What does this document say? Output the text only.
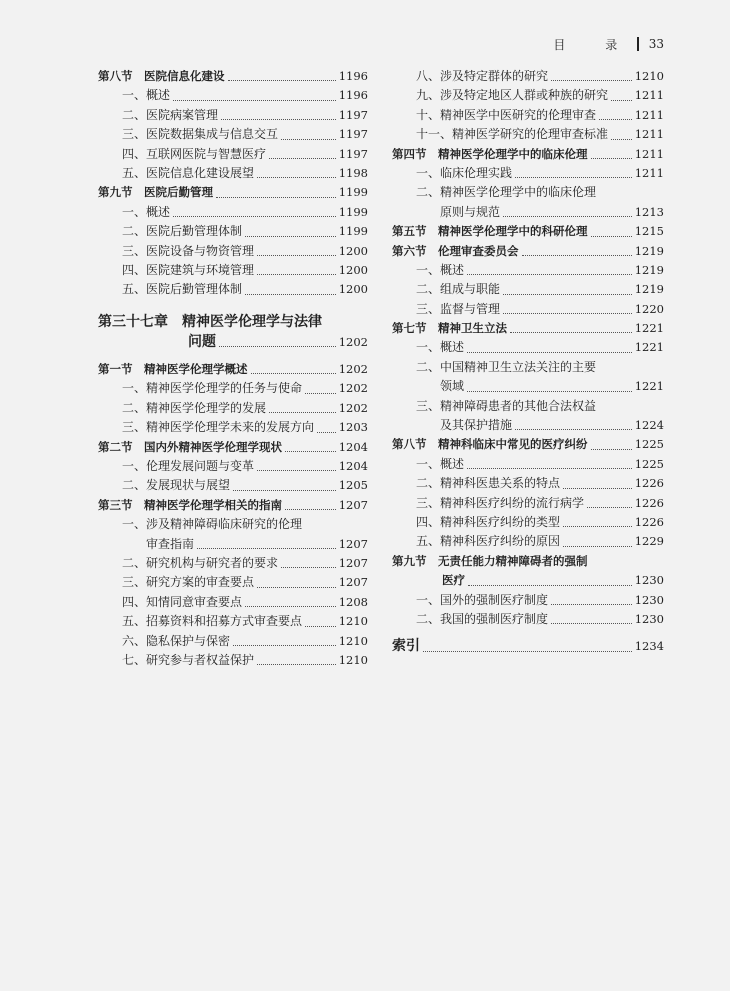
目 录 33
第八节　医院信息化建设	1196
一、概述	1196
二、医院病案管理	1197
三、医院数据集成与信息交互	1197
四、互联网医院与智慧医疗	1197
五、医院信息化建设展望	1198
第九节　医院后勤管理	1199
一、概述	1199
二、医院后勤管理体制	1199
三、医院设备与物资管理	1200
四、医院建筑与环境管理	1200
五、医院后勤管理体制	1200
第三十七章　精神医学伦理学与法律
问题	1202
第一节　精神医学伦理学概述	1202
一、精神医学伦理学的任务与使命	1202
二、精神医学伦理学的发展	1202
三、精神医学伦理学未来的发展方向 1203
第二节　国内外精神医学伦理学现状	1204
一、伦理发展问题与变革	1204
二、发展现状与展望	1205
第三节　精神医学伦理学相关的指南	1207
一、涉及精神障碍临床研究的伦理
审查指南	1207
二、研究机构与研究者的要求	1207
三、研究方案的审查要点	1207
四、知情同意审查要点	1208
五、招募资料和招募方式审查要点	1210
六、隐私保护与保密	1210
七、研究参与者权益保护	1210
八、涉及特定群体的研究	1210
九、涉及特定地区人群或种族的研究 1211
十、精神医学中医研究的伦理审查	1211
十一、精神医学研究的伦理审查标准 1211
第四节　精神医学伦理学中的临床伦理	1211
一、临床伦理实践	1211
二、精神医学伦理学中的临床伦理
原则与规范	1213
第五节　精神医学伦理学中的科研伦理	1215
第六节　伦理审查委员会	1219
一、概述	1219
二、组成与职能	1219
三、监督与管理	1220
第七节　精神卫生立法	1221
一、概述	1221
二、中国精神卫生立法关注的主要
领域	1221
三、精神障碍患者的其他合法权益
及其保护措施	1224
第八节　精神科临床中常见的医疗纠纷	1225
一、概述	1225
二、精神科医患关系的特点	1226
三、精神科医疗纠纷的流行病学	1226
四、精神科医疗纠纷的类型	1226
五、精神科医疗纠纷的原因	1229
第九节　无责任能力精神障碍者的强制
医疗	1230
一、国外的强制医疗制度	1230
二、我国的强制医疗制度	1230
索引	1234
